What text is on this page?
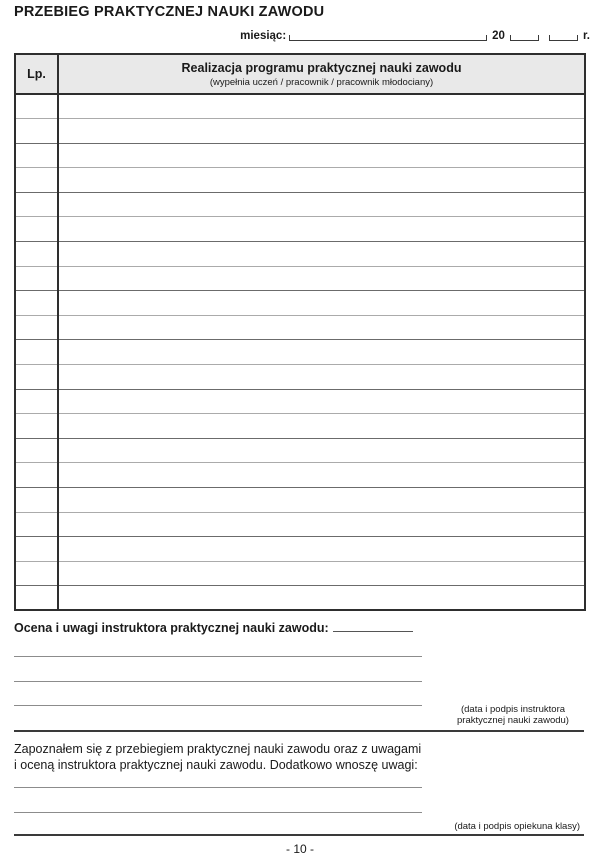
PRZEBIEG PRAKTYCZNEJ NAUKI ZAWODU
miesiąc:	20	r.
Lp.	Realizacja programu praktycznej nauki zawodu
(wypełnia uczeń / pracownik / pracownik młodociany)

Ocena i uwagi instruktora praktycznej nauki zawodu:
(data i podpis instruktora
praktycznej nauki zawodu)
Zapoznałem się z przebiegiem praktycznej nauki zawodu oraz z uwagami
i oceną instruktora praktycznej nauki zawodu. Dodatkowo wnoszę uwagi:
(data i podpis opiekuna klasy)
- 10 -
